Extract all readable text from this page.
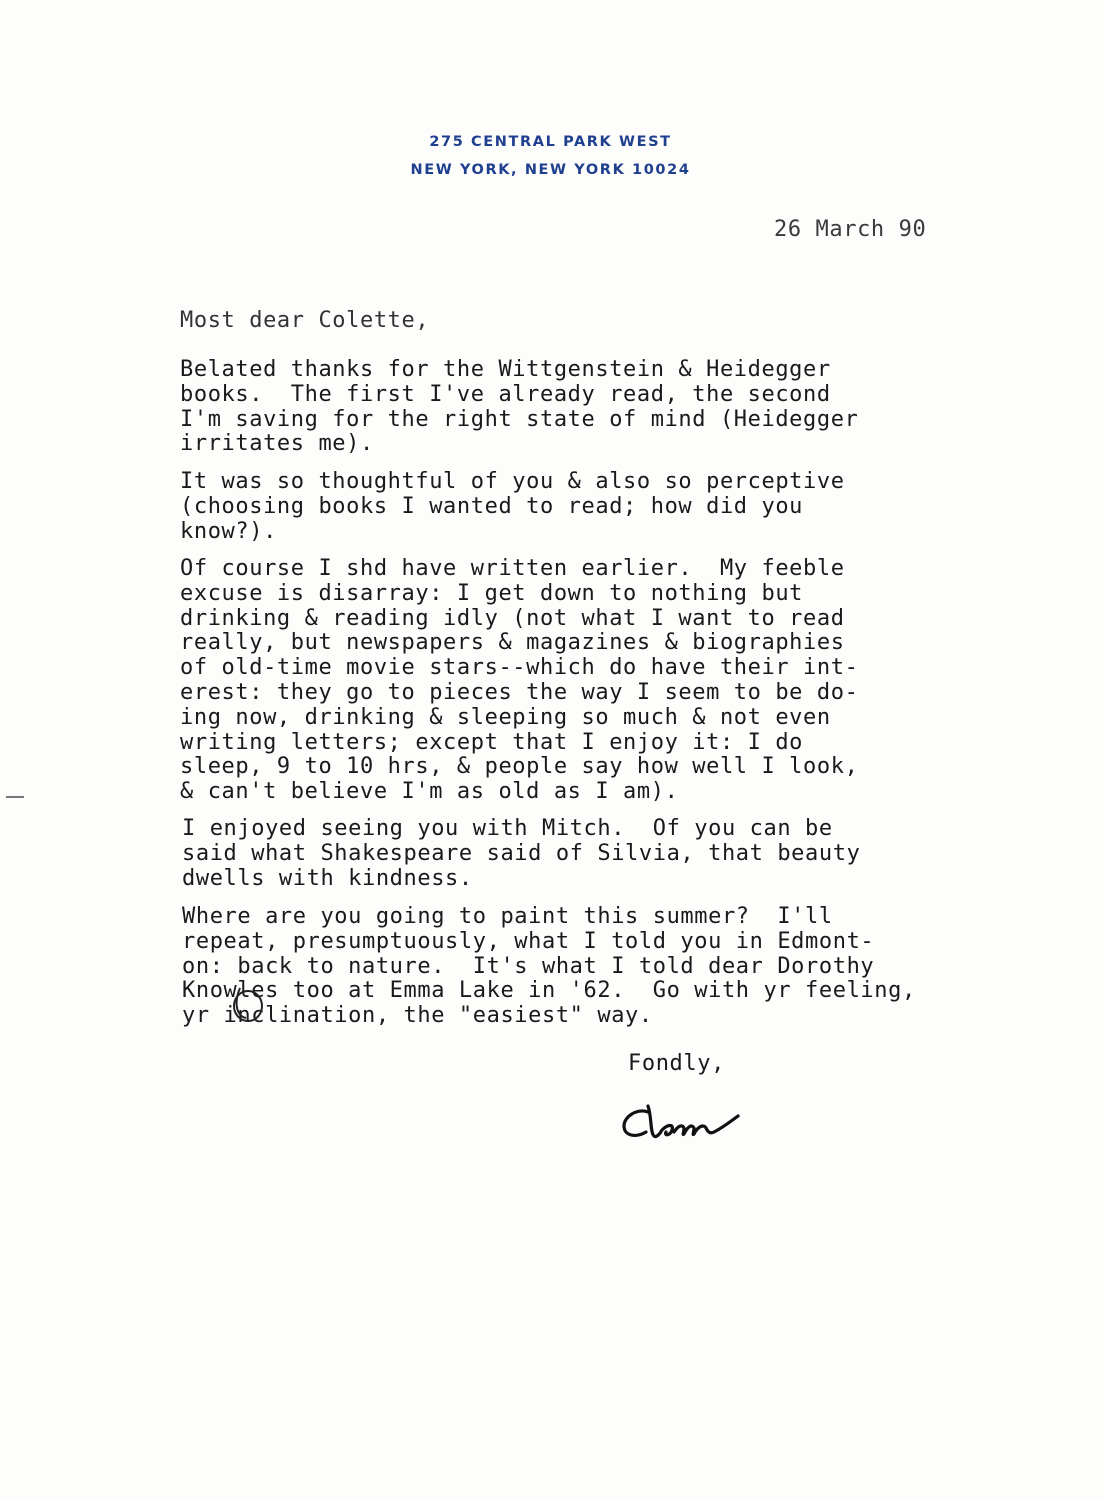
275 CENTRAL PARK WEST
NEW YORK, NEW YORK 10024
26 March 90
Most dear Colette,
Belated thanks for the Wittgenstein & Heidegger
books.  The first I've already read, the second
I'm saving for the right state of mind (Heidegger
irritates me).
It was so thoughtful of you & also so perceptive
(choosing books I wanted to read; how did you
know?).
Of course I shd have written earlier.  My feeble
excuse is disarray: I get down to nothing but
drinking & reading idly (not what I want to read
really, but newspapers & magazines & biographies
of old-time movie stars--which do have their int-
erest: they go to pieces the way I seem to be do-
ing now, drinking & sleeping so much & not even
writing letters; except that I enjoy it: I do
sleep, 9 to 10 hrs, & people say how well I look,
& can't believe I'm as old as I am).
I enjoyed seeing you with Mitch.  Of you can be
said what Shakespeare said of Silvia, that beauty
dwells with kindness.
Where are you going to paint this summer?  I'll
repeat, presumptuously, what I told you in Edmont-
on: back to nature.  It's what I told dear Dorothy
Knowles too at Emma Lake in '62.  Go with yr feeling,
yr inclination, the "easiest" way.
Fondly,
